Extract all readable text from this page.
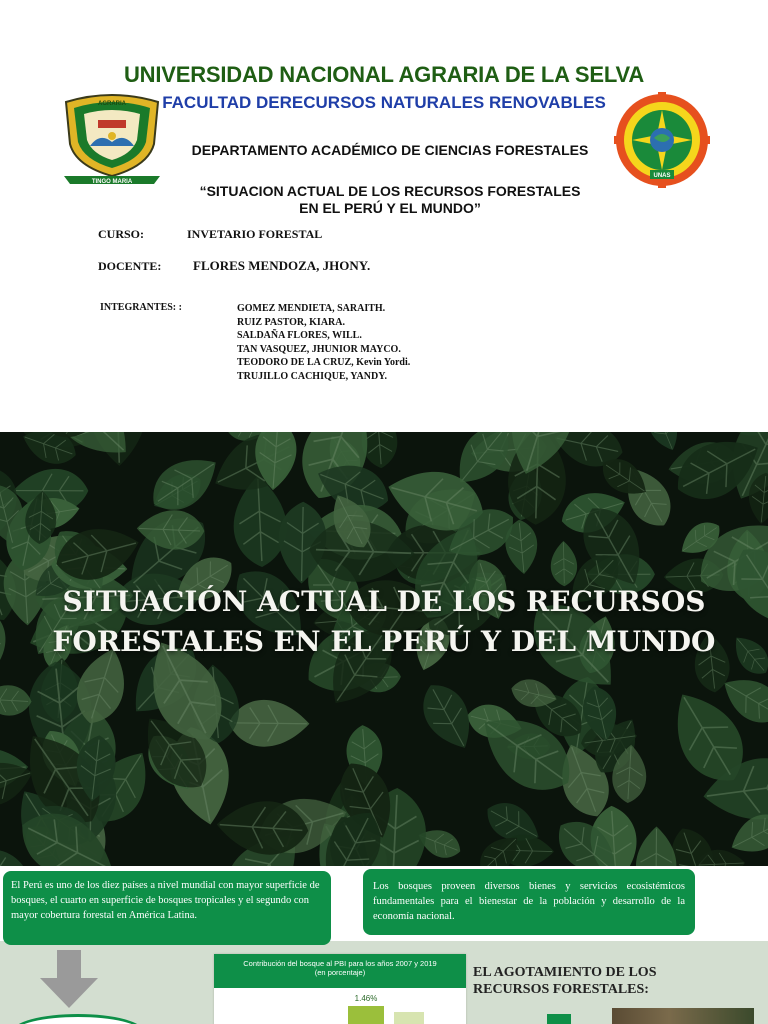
UNIVERSIDAD NACIONAL AGRARIA DE LA SELVA
FACULTAD DERECURSOS NATURALES RENOVABLES
TINGO MARIA
AGRARIA
UNAS
DEPARTAMENTO ACADÉMICO DE CIENCIAS FORESTALES
“SITUACION ACTUAL DE LOS RECURSOS FORESTALES
EN EL PERÚ Y EL MUNDO”
CURSO:	INVETARIO FORESTAL
DOCENTE: FLORES MENDOZA, JHONY.
INTEGRANTES: :	GOMEZ MENDIETA, SARAITH.
RUIZ PASTOR, KIARA.
SALDAÑA FLORES, WILL.
TAN VASQUEZ, JHUNIOR MAYCO.
TEODORO DE LA CRUZ, Kevin Yordi.
TRUJILLO CACHIQUE, YANDY.
SITUACIÓN ACTUAL DE LOS RECURSOS
FORESTALES EN EL PERÚ Y DEL MUNDO
El Perú es uno de los diez países a nivel mundial con mayor superficie de bosques, el cuarto en superficie de bosques tropicales y el segundo con mayor cobertura forestal en América Latina.
Los bosques proveen diversos bienes y servicios ecosistémicos fundamentales para el bienestar de la población y desarrollo de la economía nacional.
Contribución del bosque al PBI para los años 2007 y 2019
(en porcentaje)
1.46%
EL AGOTAMIENTO DE LOS
RECURSOS FORESTALES:
